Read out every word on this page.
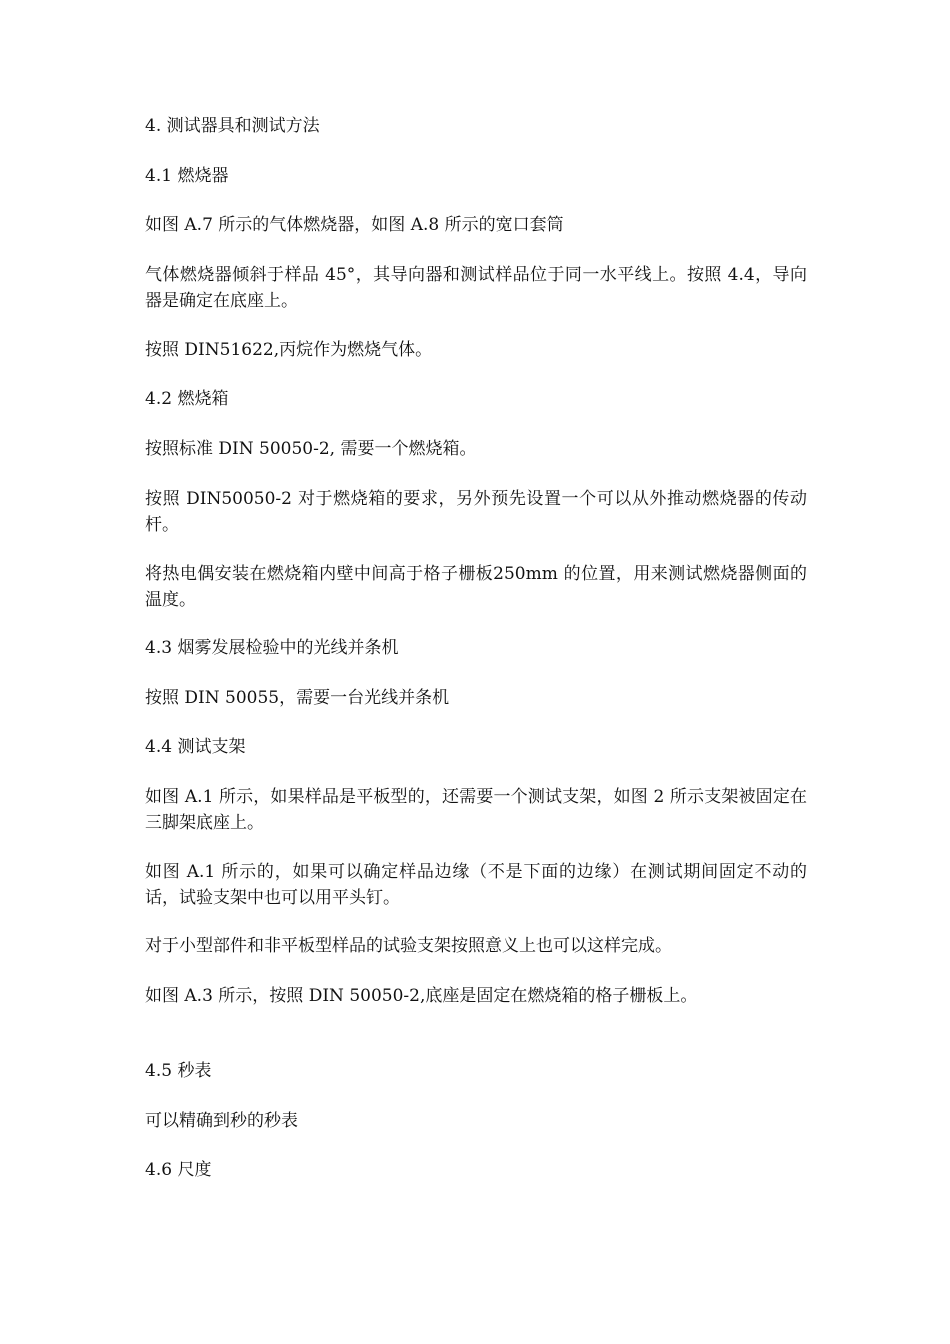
4. 测试器具和测试方法

4.1 燃烧器

如图 A.7 所示的气体燃烧器，如图 A.8 所示的宽口套筒

气体燃烧器倾斜于样品 45°，其导向器和测试样品位于同一水平线上。按照 4.4，导向器是确定在底座上。

按照 DIN51622,丙烷作为燃烧气体。

4.2 燃烧箱

按照标准 DIN 50050-2, 需要一个燃烧箱。

按照 DIN50050-2 对于燃烧箱的要求，另外预先设置一个可以从外推动燃烧器的传动杆。

将热电偶安装在燃烧箱内壁中间高于格子栅板250mm 的位置，用来测试燃烧器侧面的温度。

4.3 烟雾发展检验中的光线并条机

按照 DIN 50055，需要一台光线并条机

4.4 测试支架

如图 A.1 所示，如果样品是平板型的，还需要一个测试支架，如图 2 所示支架被固定在三脚架底座上。

如图 A.1 所示的，如果可以确定样品边缘（不是下面的边缘）在测试期间固定不动的话，试验支架中也可以用平头钉。

对于小型部件和非平板型样品的试验支架按照意义上也可以这样完成。

如图 A.3 所示，按照 DIN 50050-2,底座是固定在燃烧箱的格子栅板上。

4.5 秒表

可以精确到秒的秒表

4.6 尺度
